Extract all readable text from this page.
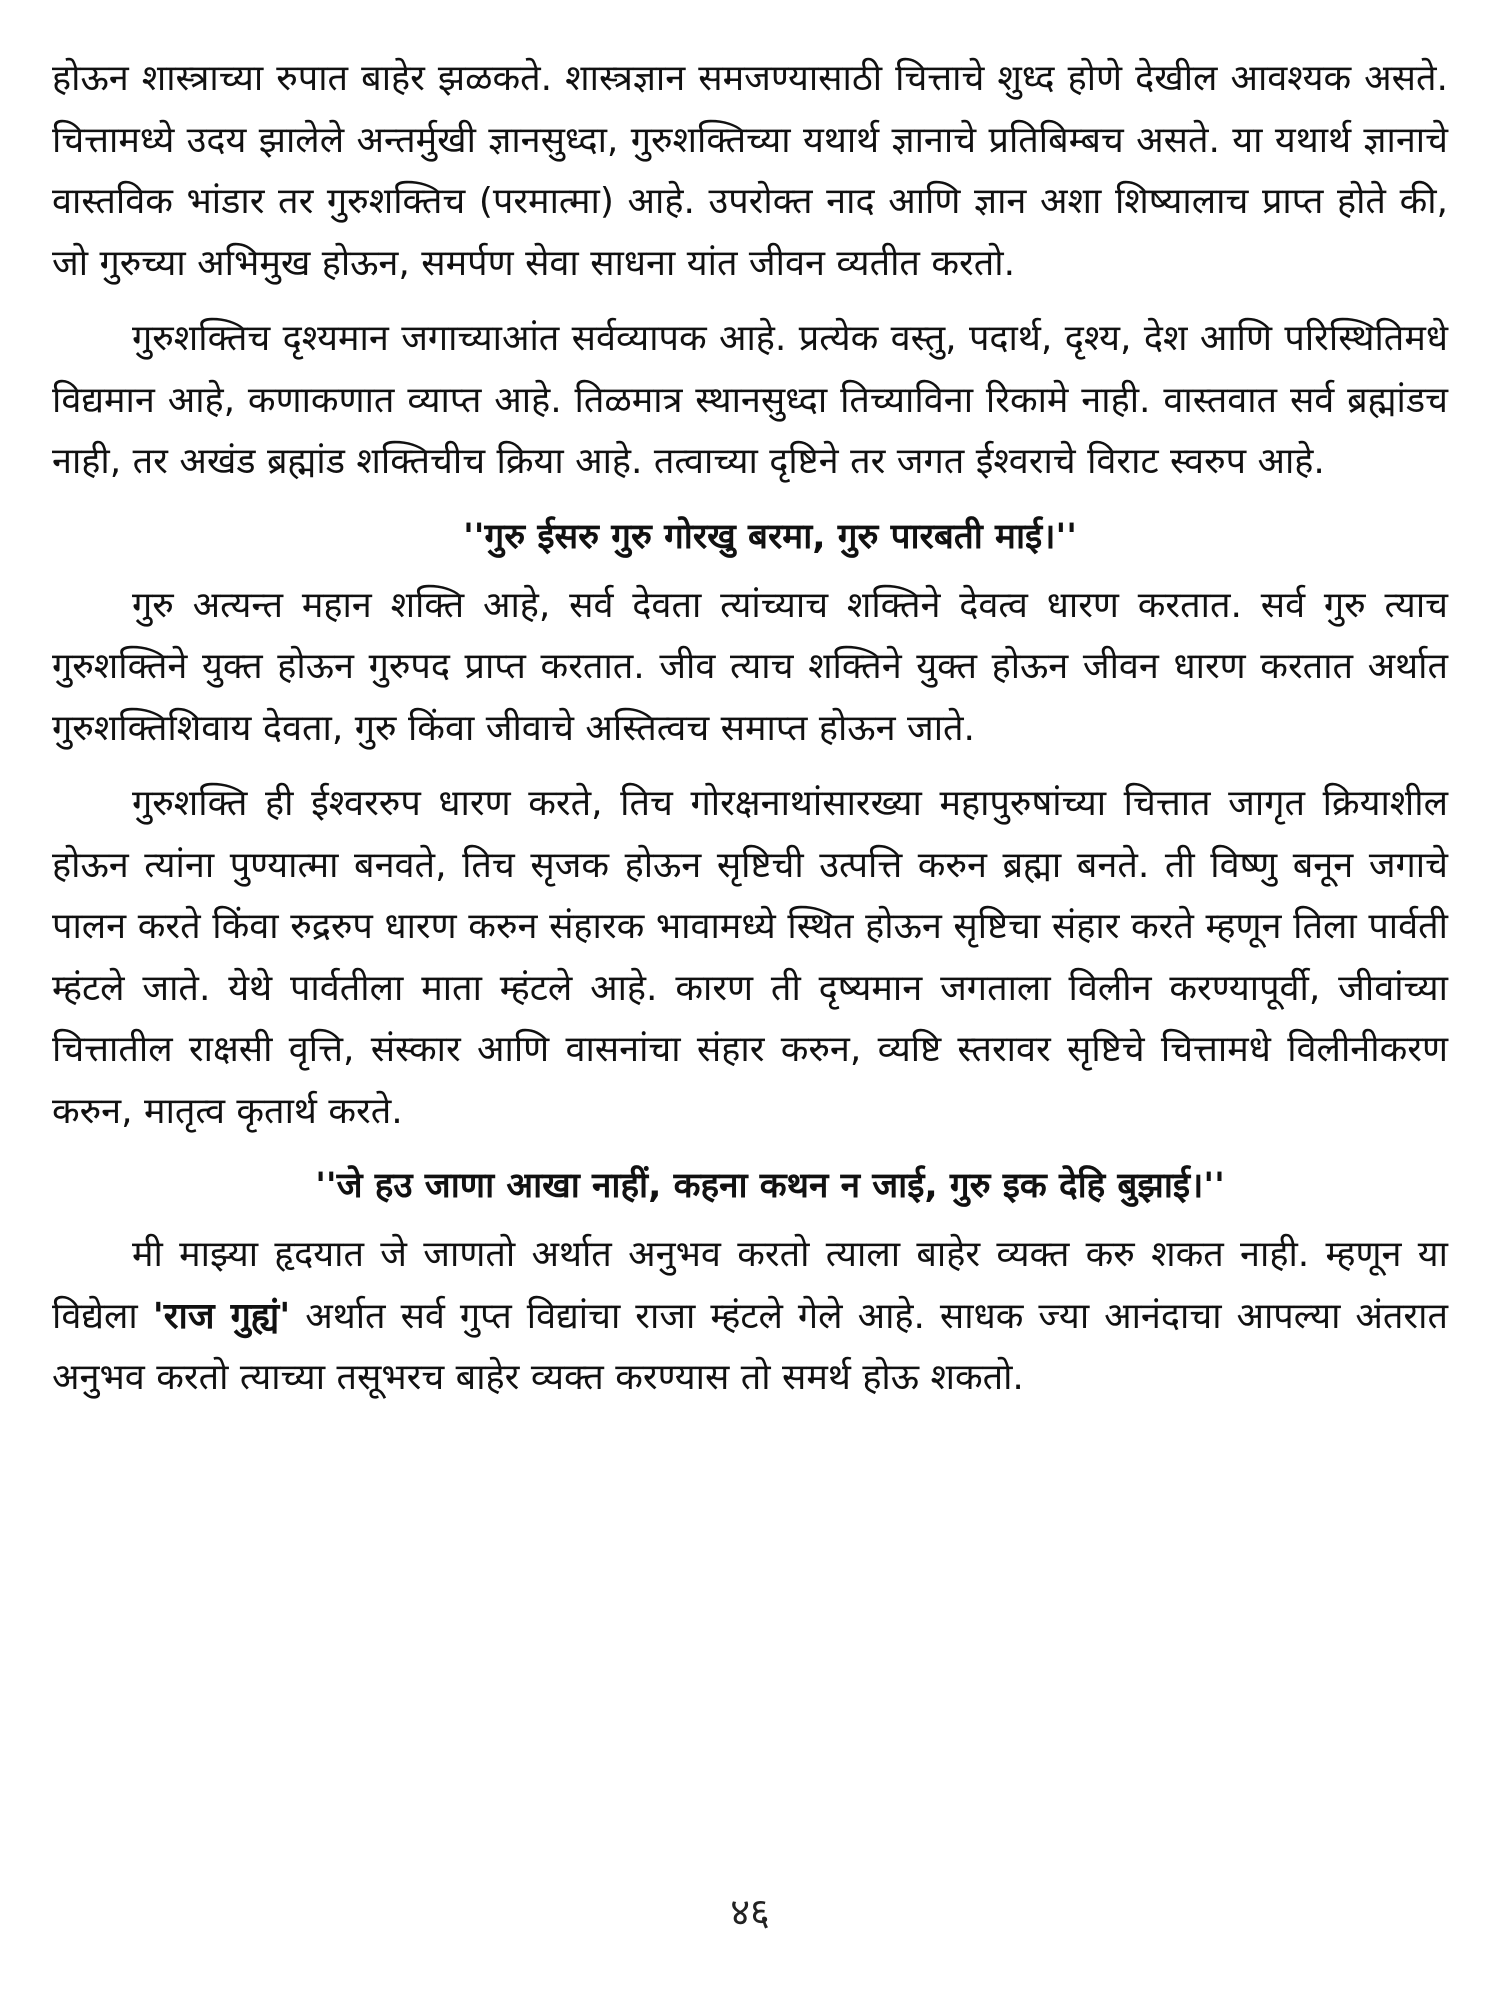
होऊन शास्त्राच्या रुपात बाहेर झळकते. शास्त्रज्ञान समजण्यासाठी चित्ताचे शुध्द होणे देखील आवश्यक असते. चित्तामध्ये उदय झालेले अन्तर्मुखी ज्ञानसुध्दा, गुरुशक्तिच्या यथार्थ ज्ञानाचे प्रतिबिम्बच असते. या यथार्थ ज्ञानाचे वास्तविक भांडार तर गुरुशक्तिच (परमात्मा) आहे. उपरोक्त नाद आणि ज्ञान अशा शिष्यालाच प्राप्त होते की, जो गुरुच्या अभिमुख होऊन, समर्पण सेवा साधना यांत जीवन व्यतीत करतो.

गुरुशक्तिच दृश्यमान जगाच्याआंत सर्वव्यापक आहे. प्रत्येक वस्तु, पदार्थ, दृश्य, देश आणि परिस्थितिमधे विद्यमान आहे, कणाकणात व्याप्त आहे. तिळमात्र स्थानसुध्दा तिच्याविना रिकामे नाही. वास्तवात सर्व ब्रह्मांडच नाही, तर अखंड ब्रह्मांड शक्तिचीच क्रिया आहे. तत्वाच्या दृष्टिने तर जगत ईश्वराचे विराट स्वरुप आहे.

''गुरु ईसरु गुरु गोरखु बरमा, गुरु पारबती माई।''

गुरु अत्यन्त महान शक्ति आहे, सर्व देवता त्यांच्याच शक्तिने देवत्व धारण करतात. सर्व गुरु त्याच गुरुशक्तिने युक्त होऊन गुरुपद प्राप्त करतात. जीव त्याच शक्तिने युक्त होऊन जीवन धारण करतात अर्थात गुरुशक्तिशिवाय देवता, गुरु किंवा जीवाचे अस्तित्वच समाप्त होऊन जाते.

गुरुशक्ति ही ईश्वररुप धारण करते, तिच गोरक्षनाथांसारख्या महापुरुषांच्या चित्तात जागृत क्रियाशील होऊन त्यांना पुण्यात्मा बनवते, तिच सृजक होऊन सृष्टिची उत्पत्ति करुन ब्रह्मा बनते. ती विष्णु बनून जगाचे पालन करते किंवा रुद्ररुप धारण करुन संहारक भावामध्ये स्थित होऊन सृष्टिचा संहार करते म्हणून तिला पार्वती म्हंटले जाते. येथे पार्वतीला माता म्हंटले आहे. कारण ती दृष्यमान जगताला विलीन करण्यापूर्वी, जीवांच्या चित्तातील राक्षसी वृत्ति, संस्कार आणि वासनांचा संहार करुन, व्यष्टि स्तरावर सृष्टिचे चित्तामधे विलीनीकरण करुन, मातृत्व कृतार्थ करते.

''जे हउ जाणा आखा नाहीं, कहना कथन न जाई, गुरु इक देहि बुझाई।''

मी माझ्या हृदयात जे जाणतो अर्थात अनुभव करतो त्याला बाहेर व्यक्त करु शकत नाही. म्हणून या विद्येला 'राज गुह्यं' अर्थात सर्व गुप्त विद्यांचा राजा म्हंटले गेले आहे. साधक ज्या आनंदाचा आपल्या अंतरात अनुभव करतो त्याच्या तसूभरच बाहेर व्यक्त करण्यास तो समर्थ होऊ शकतो.

४६
